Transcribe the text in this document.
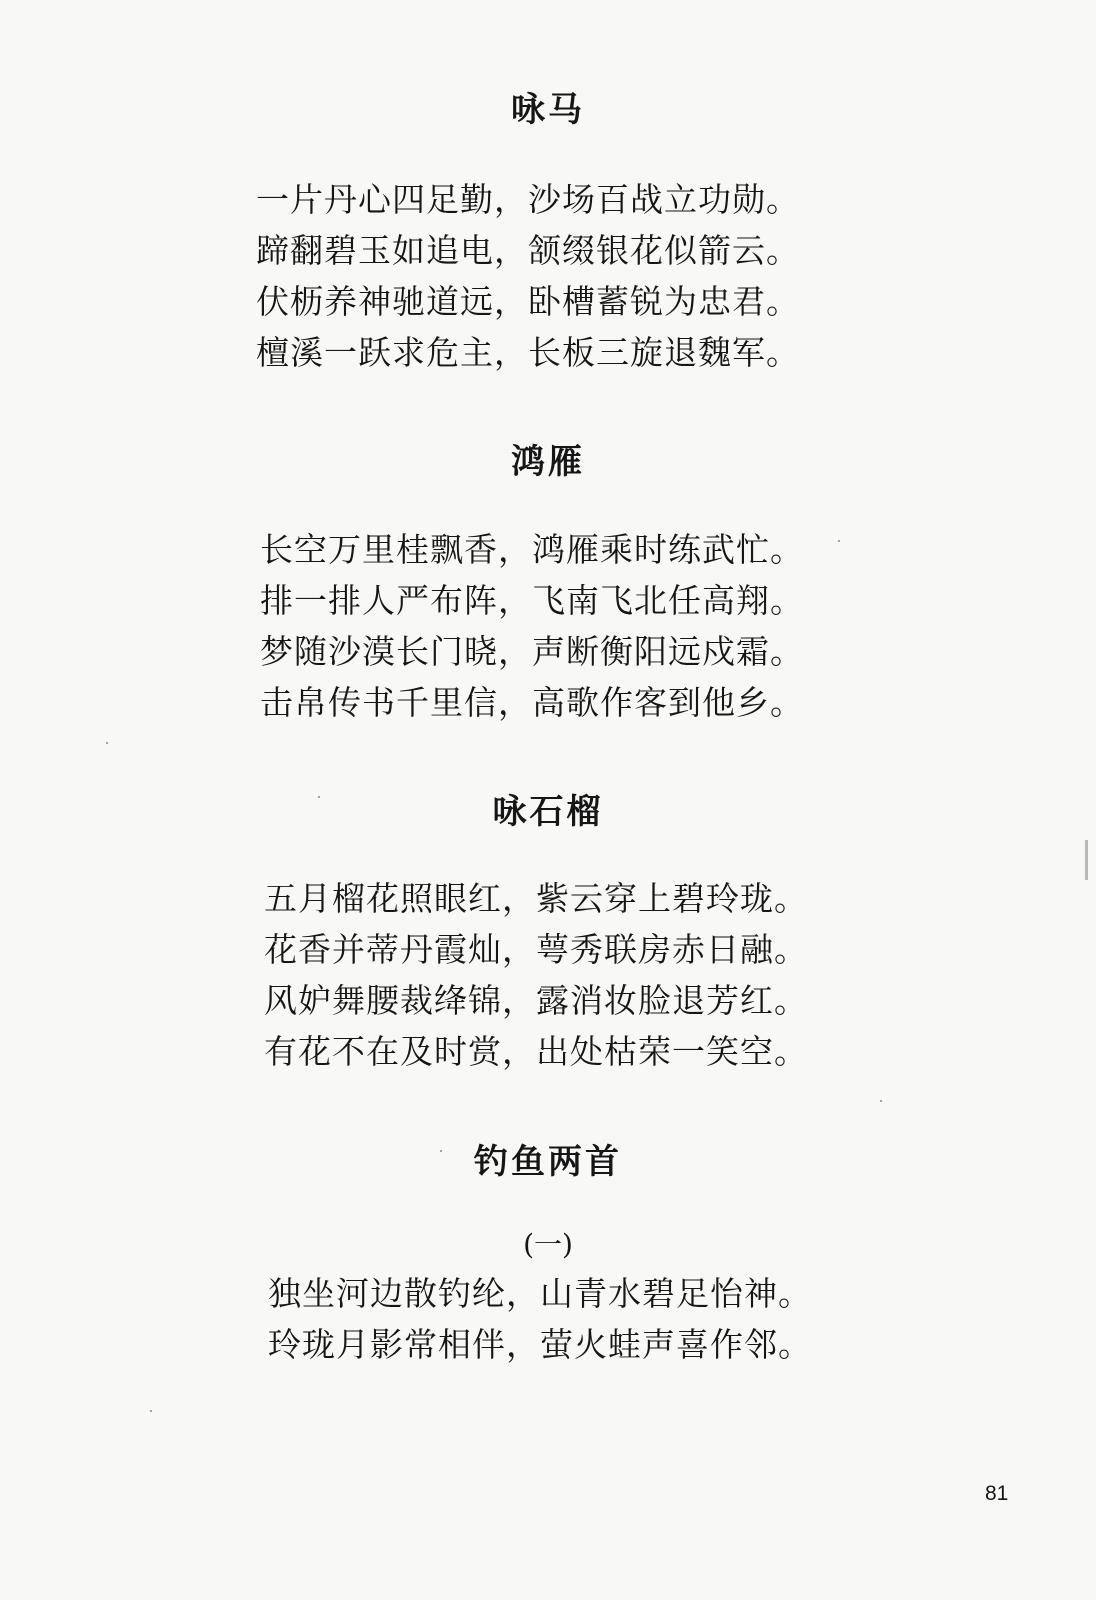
咏马
一片丹心四足勤，沙场百战立功勋。
蹄翻碧玉如追电，颔缀银花似箭云。
伏枥养神驰道远，卧槽蓄锐为忠君。
檀溪一跃求危主，长板三旋退魏军。
鸿雁
长空万里桂飘香，鸿雁乘时练武忙。
排一排人严布阵，飞南飞北任高翔。
梦随沙漠长门晓，声断衡阳远戍霜。
击帛传书千里信，高歌作客到他乡。
咏石榴
五月榴花照眼红，紫云穿上碧玲珑。
花香并蒂丹霞灿，萼秀联房赤日融。
风妒舞腰裁绛锦，露消妆脸退芳红。
有花不在及时赏，出处枯荣一笑空。
钓鱼两首
(一)
独坐河边散钓纶，山青水碧足怡神。
玲珑月影常相伴，萤火蛙声喜作邻。
81
